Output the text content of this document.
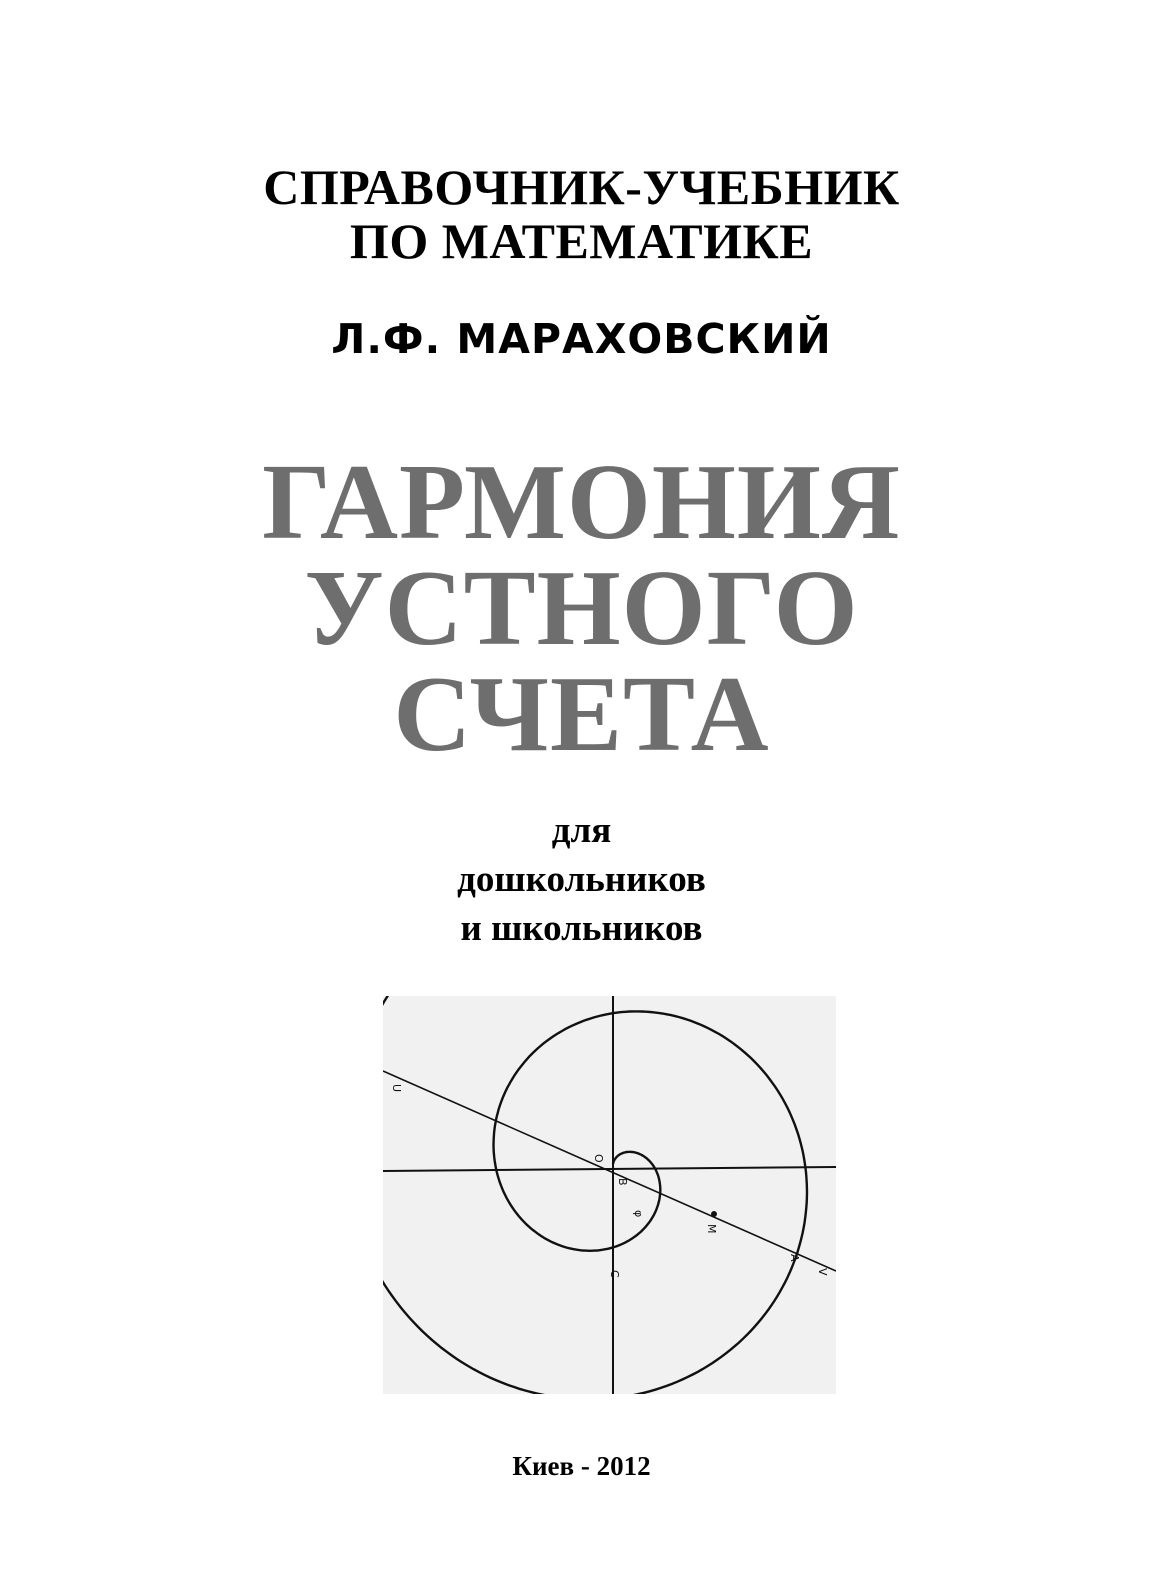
СПРАВОЧНИК-УЧЕБНИК
ПО МАТЕМАТИКЕ
Л.Ф. МАРАХОВСКИЙ
ГАРМОНИЯ
УСТНОГО
СЧЕТА
для
дошкольников
и школьников
U
O
B
φ
M
C
A
V
Киев - 2012
